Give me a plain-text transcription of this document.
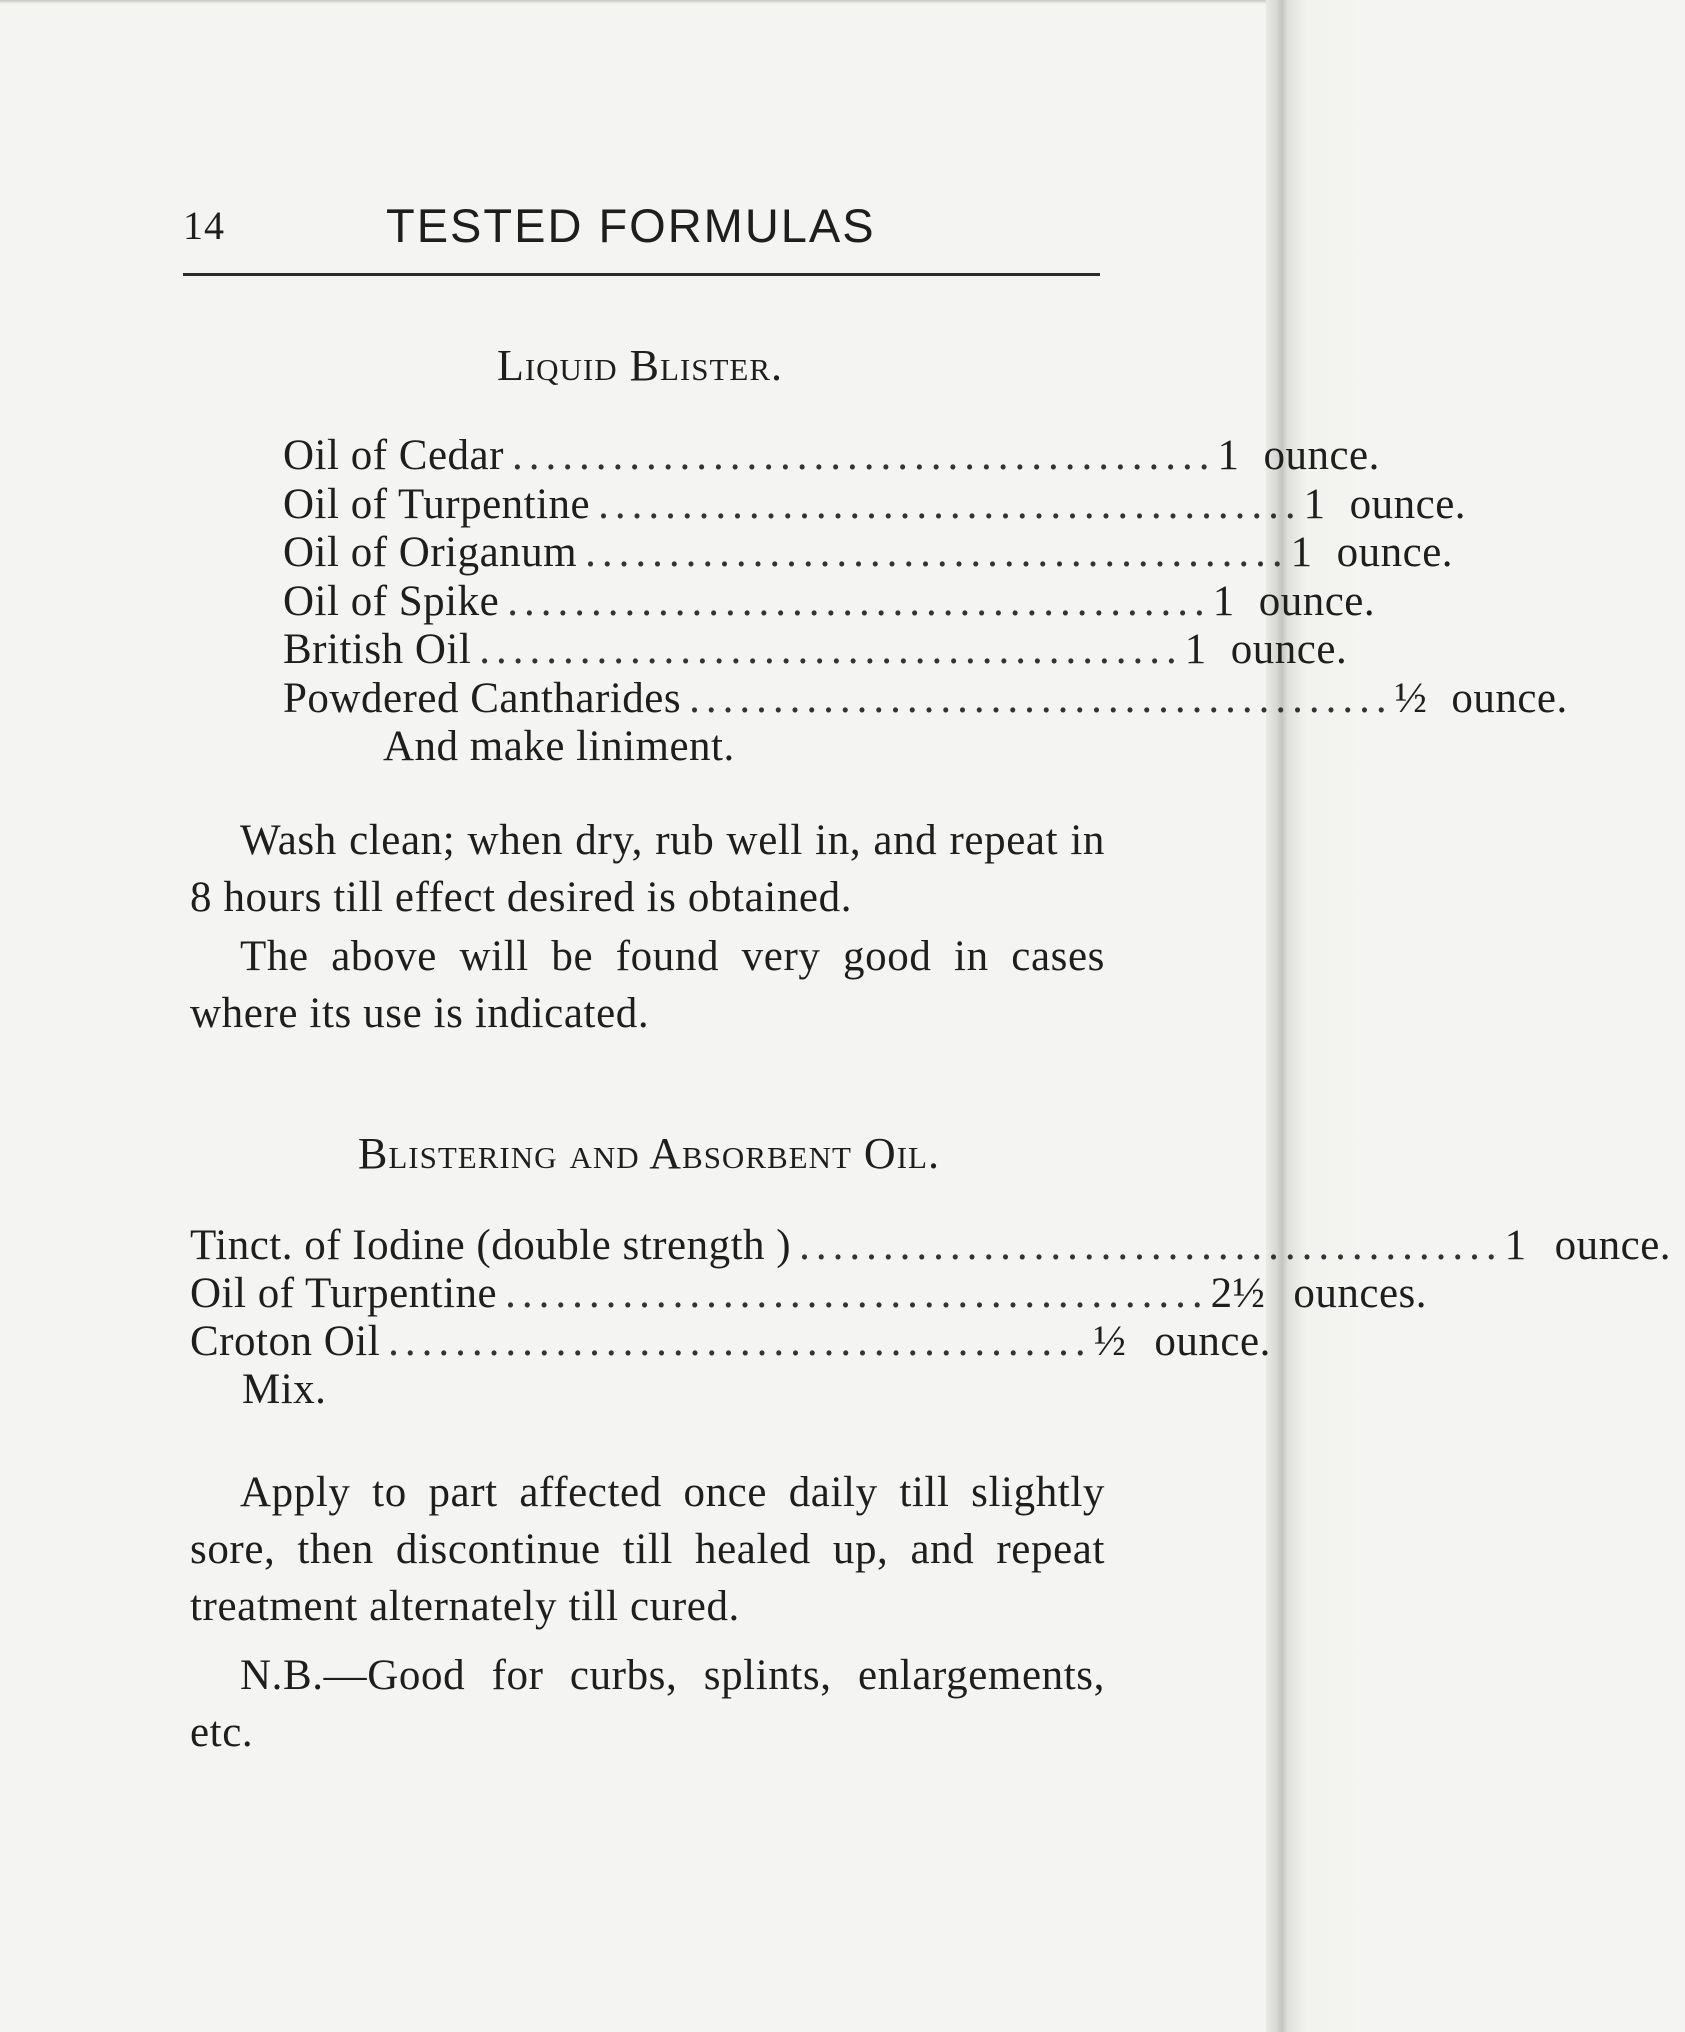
14	TESTED FORMULAS
Liquid Blister.
Oil of Cedar .......................................... 1 ounce.
Oil of Turpentine .......................................... 1 ounce.
Oil of Origanum .......................................... 1 ounce.
Oil of Spike .......................................... 1 ounce.
British Oil .......................................... 1 ounce.
Powdered Cantharides .......................................... ½ ounce.
And make liniment.

Wash clean; when dry, rub well in, and repeat in 8 hours till effect desired is obtained.

The above will be found very good in cases where its use is indicated.

Blistering and Absorbent Oil.
Tinct. of Iodine (double strength ) .......................................... 1 ounce.
Oil of Turpentine .......................................... 2½ ounces.
Croton Oil .......................................... ½ ounce.
Mix.

Apply to part affected once daily till slightly sore, then discontinue till healed up, and repeat treatment alternately till cured.

N.B.—Good for curbs, splints, enlargements, etc.
